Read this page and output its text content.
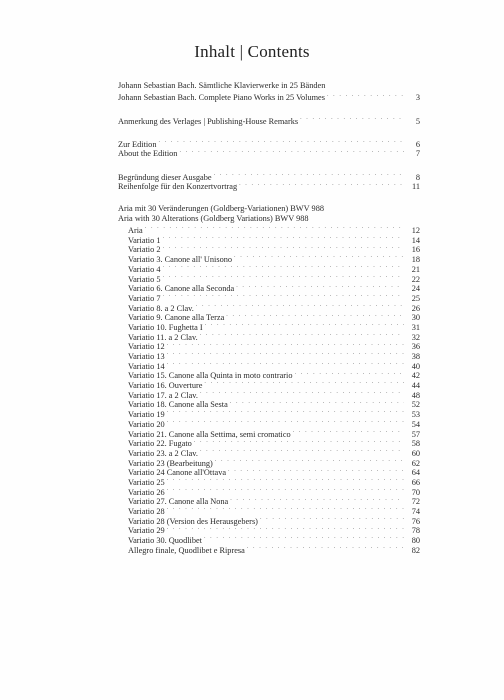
Inhalt | Contents
Johann Sebastian Bach. Sämtliche Klavierwerke in 25 Bänden
Johann Sebastian Bach. Complete Piano Works in 25 Volumes . . .	3
Anmerkung des Verlages | Publishing-House Remarks . . .	5
Zur Edition . . .	6
About the Edition . . .	7
Begründung dieser Ausgabe . . .	8
Reihenfolge für den Konzertvortrag . . .	11
Aria mit 30 Veränderungen (Goldberg-Variationen) BWV 988
Aria with 30 Alterations (Goldberg Variations) BWV 988
Aria . . .	12
Variatio 1 . . .	14
Variatio 2 . . .	16
Variatio 3. Canone all' Unisono . . .	18
Variatio 4 . . .	21
Variatio 5 . . .	22
Variatio 6. Canone alla Seconda . . .	24
Variatio 7 . . .	25
Variatio 8. a 2 Clav. . . .	26
Variatio 9. Canone alla Terza . . .	30
Variatio 10. Fughetta I . . .	31
Variatio 11. a 2 Clav. . . .	32
Variatio 12 . . .	36
Variatio 13 . . .	38
Variatio 14 . . .	40
Variatio 15. Canone alla Quinta in moto contrario . . .	42
Variatio 16. Ouverture . . .	44
Variatio 17. a 2 Clav. . . .	48
Variatio 18. Canone alla Sesta . . .	52
Variatio 19 . . .	53
Variatio 20 . . .	54
Variatio 21. Canone alla Settima, semi cromatico . . .	57
Variatio 22. Fugato . . .	58
Variatio 23. a 2 Clav. . . .	60
Variatio 23 (Bearbeitung) . . .	62
Variatio 24 Canone all'Ottava . . .	64
Variatio 25 . . .	66
Variatio 26 . . .	70
Variatio 27. Canone alla Nona . . .	72
Variatio 28 . . .	74
Variatio 28 (Version des Herausgebers) . . .	76
Variatio 29 . . .	78
Variatio 30. Quodlibet . . .	80
Allegro finale, Quodlibet e Ripresa . . .	82
